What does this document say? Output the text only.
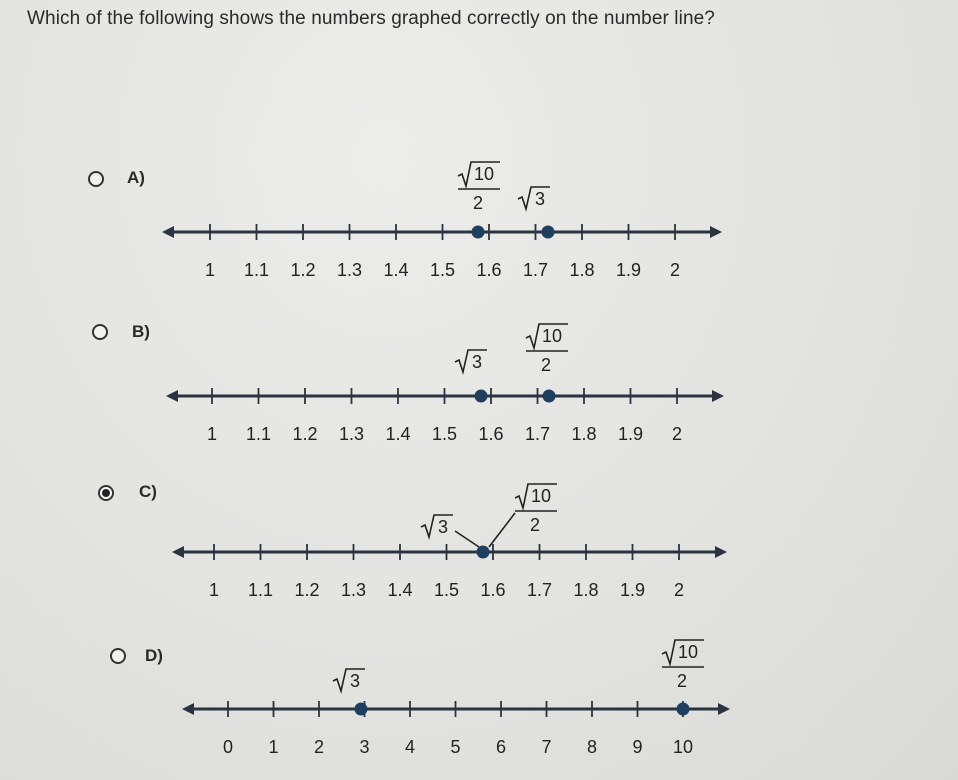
Which of the following shows the numbers graphed correctly on the number line?
A)
1 1.1 1.2 1.3 1.4 1.5 1.6 1.7 1.8 1.9 2
10
2	3
B)
1 1.1 1.2 1.3 1.4 1.5 1.6 1.7 1.8 1.9 2
3
10
2
C)
1 1.1 1.2 1.3 1.4 1.5 1.6 1.7 1.8 1.9 2
3
10
2
D)
0 1 2 3 4 5 6 7 8 9 10
3
10
2
